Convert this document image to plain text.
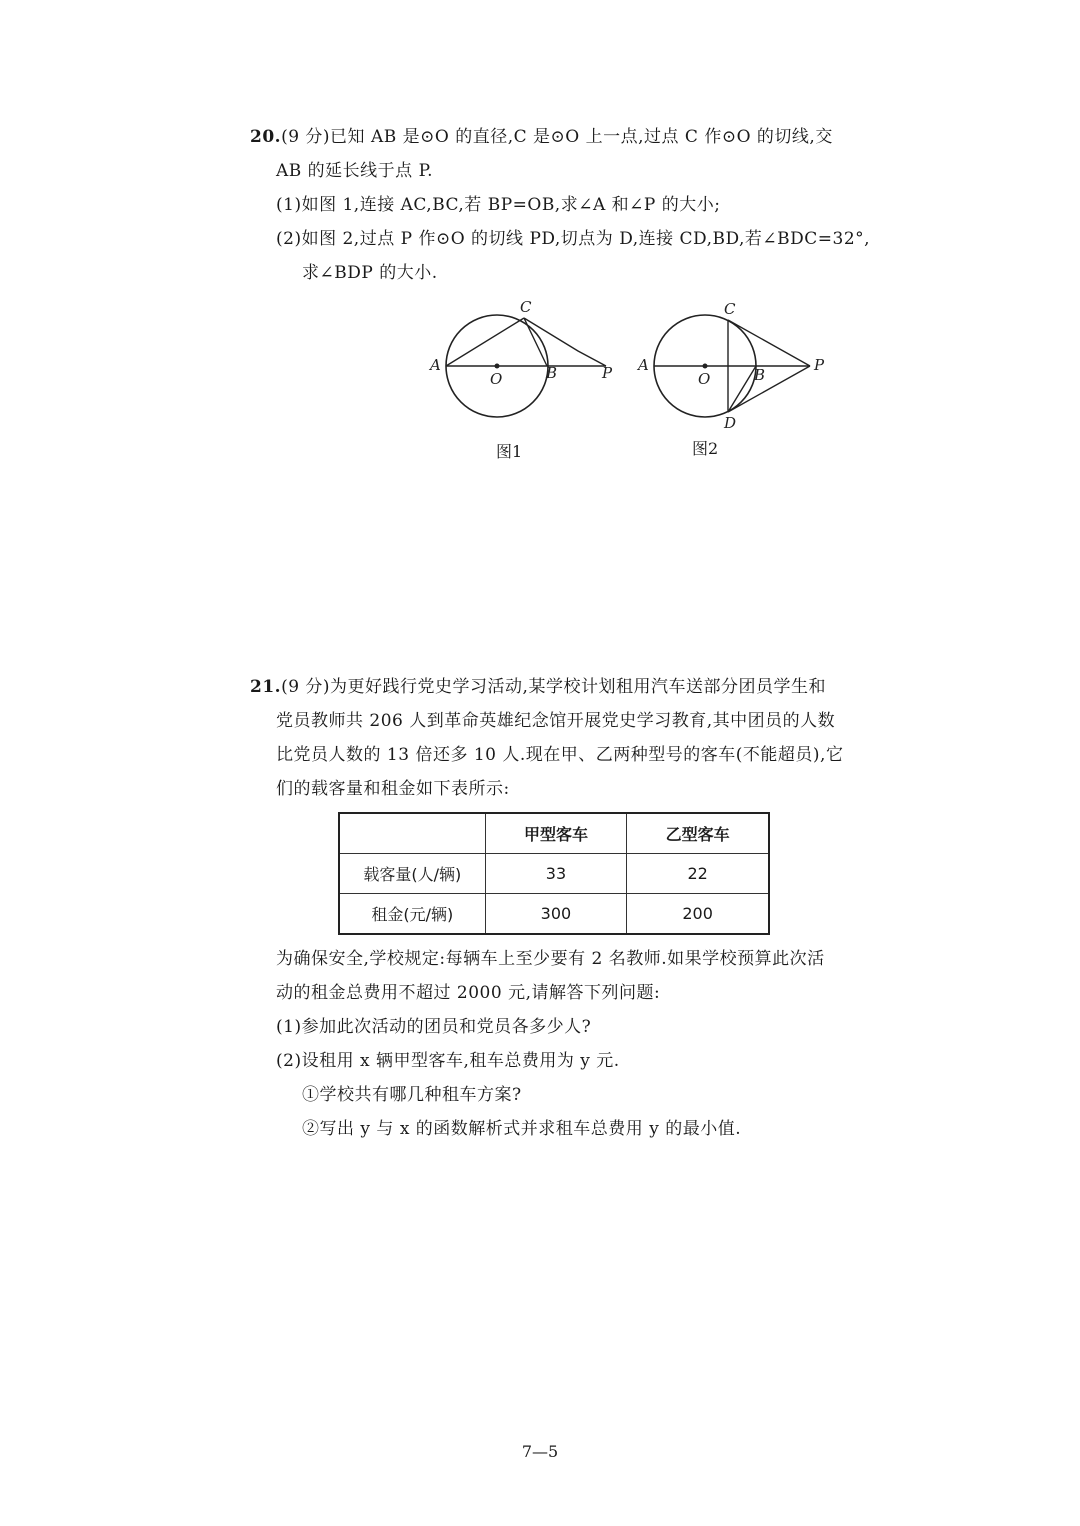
20.(9 分)已知 AB 是⊙O 的直径,C 是⊙O 上一点,过点 C 作⊙O 的切线,交
AB 的延长线于点 P.
(1)如图 1,连接 AC,BC,若 BP=OB,求∠A 和∠P 的大小;
(2)如图 2,过点 P 作⊙O 的切线 PD,切点为 D,连接 CD,BD,若∠BDC=32°,
求∠BDP 的大小.
A
O	B	P
C
图1
A
O	B
P
C
D
图2
21.(9 分)为更好践行党史学习活动,某学校计划租用汽车送部分团员学生和
党员教师共 206 人到革命英雄纪念馆开展党史学习教育,其中团员的人数
比党员人数的 13 倍还多 10 人.现在甲、乙两种型号的客车(不能超员),它
们的载客量和租金如下表所示:
	甲型客车	乙型客车
载客量(人/辆)	33	22
租金(元/辆)	300	200
为确保安全,学校规定:每辆车上至少要有 2 名教师.如果学校预算此次活
动的租金总费用不超过 2000 元,请解答下列问题:
(1)参加此次活动的团员和党员各多少人?
(2)设租用 x 辆甲型客车,租车总费用为 y 元.
①学校共有哪几种租车方案?
②写出 y 与 x 的函数解析式并求租车总费用 y 的最小值.
7—5
